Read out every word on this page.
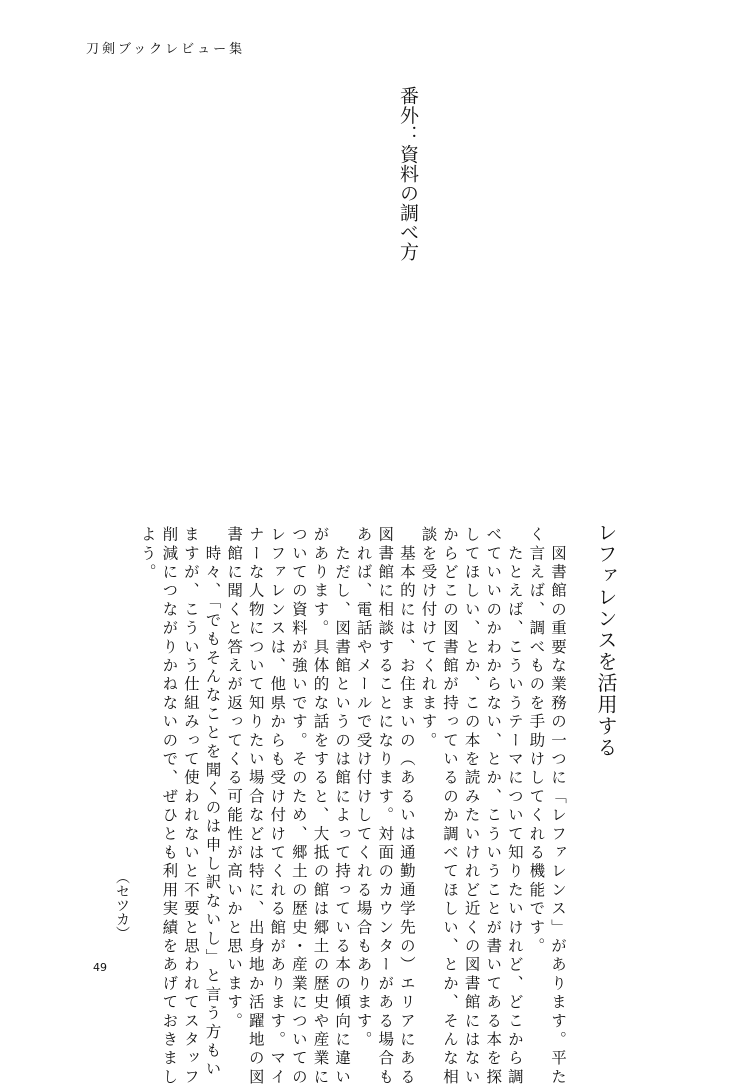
刀剣ブックレビュー集
番外：資料の調べ方
レファレンスを活用する
　図書館の重要な業務の一つに「レファレンス」があります。平た
く言えば、調べものを手助けしてくれる機能です。
　たとえば、こういうテーマについて知りたいけれど、どこから調
べていいのかわからない、とか、こういうことが書いてある本を探
してほしい、とか、この本を読みたいけれど近くの図書館にはない
からどこの図書館が持っているのか調べてほしい、とか、そんな相
談を受け付けてくれます。
　基本的には、お住まいの（あるいは通勤通学先の）エリアにある
図書館に相談することになります。対面のカウンターがある場合も
あれば、電話やメールで受け付けしてくれる場合もあります。
　ただし、図書館というのは館によって持っている本の傾向に違い
があります。具体的な話をすると、大抵の館は郷土の歴史や産業に
ついての資料が強いです。そのため、郷土の歴史・産業についての
レファレンスは、他県からも受け付けてくれる館があります。マイ
ナーな人物について知りたい場合などは特に、出身地か活躍地の図
書館に聞くと答えが返ってくる可能性が高いかと思います。
　時々、「でもそんなことを聞くのは申し訳ないし」と言う方もい
ますが、こういう仕組みって使われないと不要と思われてスタッフ
削減につながりかねないので、ぜひとも利用実績をあげておきまし
よう。
（セツカ）
49
